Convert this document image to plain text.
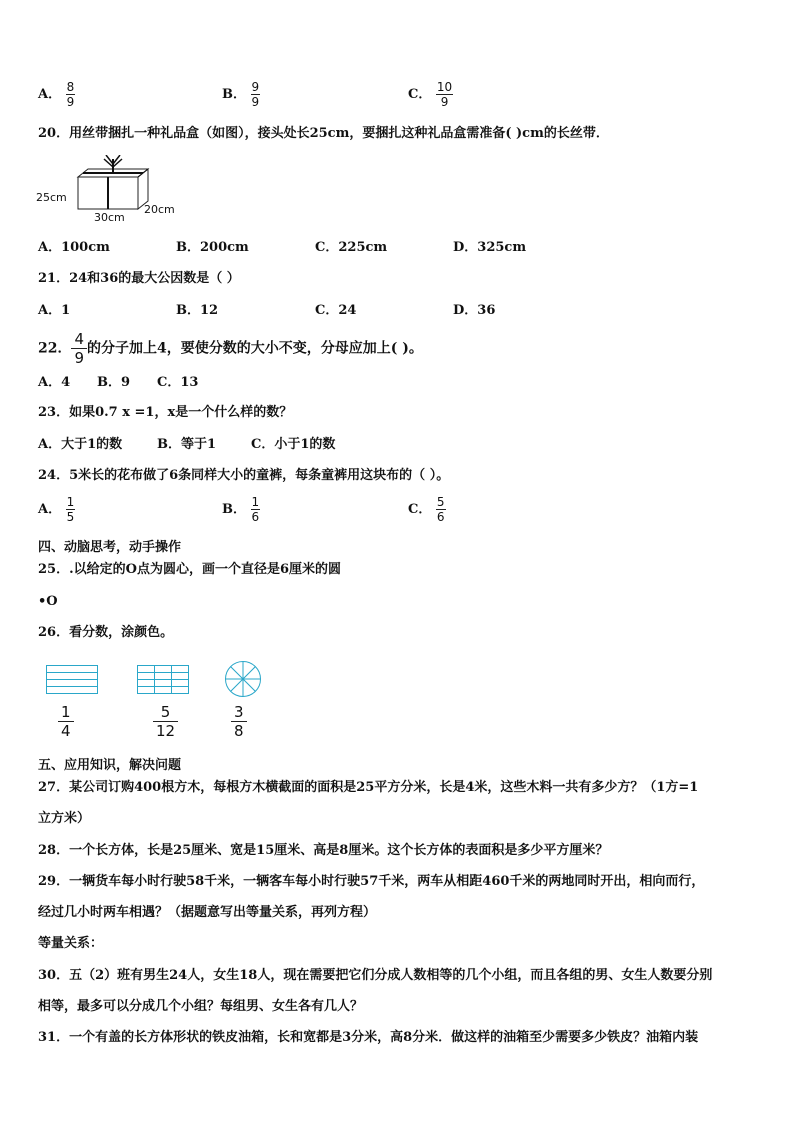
A． $\frac{8}{9}$	B． $\frac{9}{9}$	C． $\frac{10}{9}$
20．用丝带捆扎一种礼品盒（如图），接头处长25cm，要捆扎这种礼品盒需准备( )cm的长丝带．
25cm
30cm
20cm
A．100cm	B．200cm	C．225cm	D．325cm
21．24和36的最大公因数是（ ）
A．1	B．12	C．24	D．36
22． $\frac{4}{9}$ 的分子加上4，要使分数的大小不变，分母应加上( )。
A．4 B．9 C．13
23．如果0.7 x =1，x是一个什么样的数？
A．大于1的数	B．等于1	C．小于1的数
24．5米长的花布做了6条同样大小的童裤，每条童裤用这块布的（ ）。
A． $\frac{1}{5}$	B． $\frac{1}{6}$	C． $\frac{5}{6}$
四、动脑思考，动手操作
25．.以给定的O点为圆心，画一个直径是6厘米的圆
•O
26．看分数，涂颜色。
$\frac{1}{4}$	$\frac{5}{12}$	$\frac{3}{8}$
五、应用知识，解决问题
27．某公司订购400根方木，每根方木横截面的面积是25平方分米，长是4米，这些木料一共有多少方？（1方=1
立方米）
28．一个长方体，长是25厘米、宽是15厘米、高是8厘米。这个长方体的表面积是多少平方厘米？
29．一辆货车每小时行驶58千米，一辆客车每小时行驶57千米，两车从相距460千米的两地同时开出，相向而行，
经过几小时两车相遇？（据题意写出等量关系，再列方程）
等量关系：
30．五（2）班有男生24人，女生18人，现在需要把它们分成人数相等的几个小组，而且各组的男、女生人数要分别
相等，最多可以分成几个小组？每组男、女生各有几人？
31．一个有盖的长方体形状的铁皮油箱，长和宽都是3分米，高8分米．做这样的油箱至少需要多少铁皮？油箱内装
